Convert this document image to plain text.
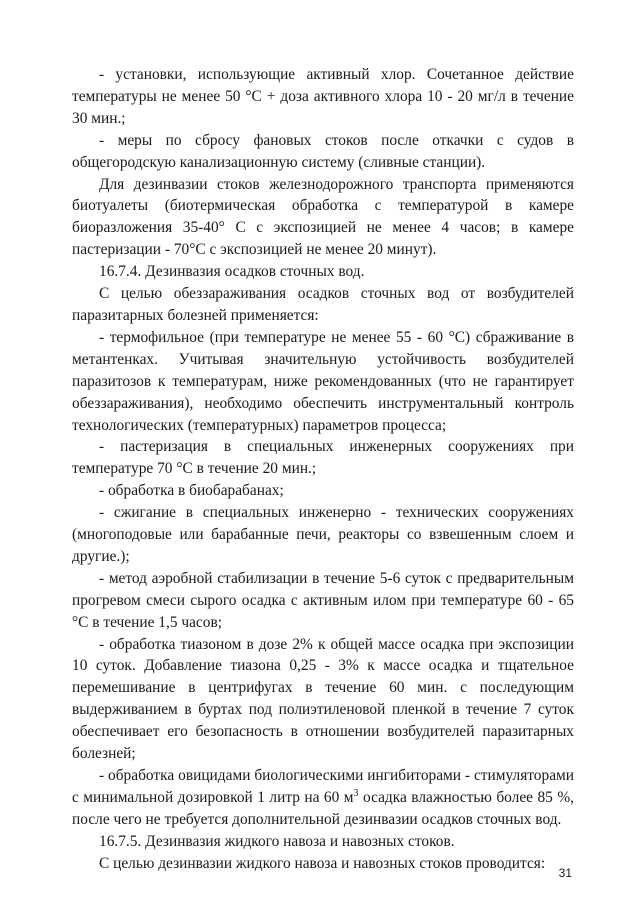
- установки, использующие активный хлор. Сочетанное действие температуры не менее 50 °С + доза активного хлора 10 - 20 мг/л в течение 30 мин.;

- меры по сбросу фановых стоков после откачки с судов в общегородскую канализационную систему (сливные станции).

Для дезинвазии стоков железнодорожного транспорта применяются биотуалеты (биотермическая обработка с температурой в камере биоразложения 35-40° С с экспозицией не менее 4 часов; в камере пастеризации - 70°С с экспозицией не менее 20 минут).

16.7.4. Дезинвазия осадков сточных вод.

С целью обеззараживания осадков сточных вод от возбудителей паразитарных болезней применяется:

- термофильное (при температуре не менее 55 - 60 °С) сбраживание в метантенках. Учитывая значительную устойчивость возбудителей паразитозов к температурам, ниже рекомендованных (что не гарантирует обеззараживания), необходимо обеспечить инструментальный контроль технологических (температурных) параметров процесса;

- пастеризация в специальных инженерных сооружениях при температуре 70 °С в течение 20 мин.;

- обработка в биобарабанах;

- сжигание в специальных инженерно - технических сооружениях (многоподовые или барабанные печи, реакторы со взвешенным слоем и другие.);

- метод аэробной стабилизации в течение 5-6 суток с предварительным прогревом смеси сырого осадка с активным илом при температуре 60 - 65 °С в течение 1,5 часов;

- обработка тиазоном в дозе 2% к общей массе осадка при экспозиции 10 суток. Добавление тиазона 0,25 - 3% к массе осадка и тщательное перемешивание в центрифугах в течение 60 мин. с последующим выдерживанием в буртах под полиэтиленовой пленкой в течение 7 суток обеспечивает его безопасность в отношении возбудителей паразитарных болезней;

- обработка овицидами биологическими ингибиторами - стимуляторами с минимальной дозировкой 1 литр на 60 $м^3$ осадка влажностью более 85 %, после чего не требуется дополнительной дезинвазии осадков сточных вод.

16.7.5. Дезинвазия жидкого навоза и навозных стоков.

С целью дезинвазии жидкого навоза и навозных стоков проводится:

31
